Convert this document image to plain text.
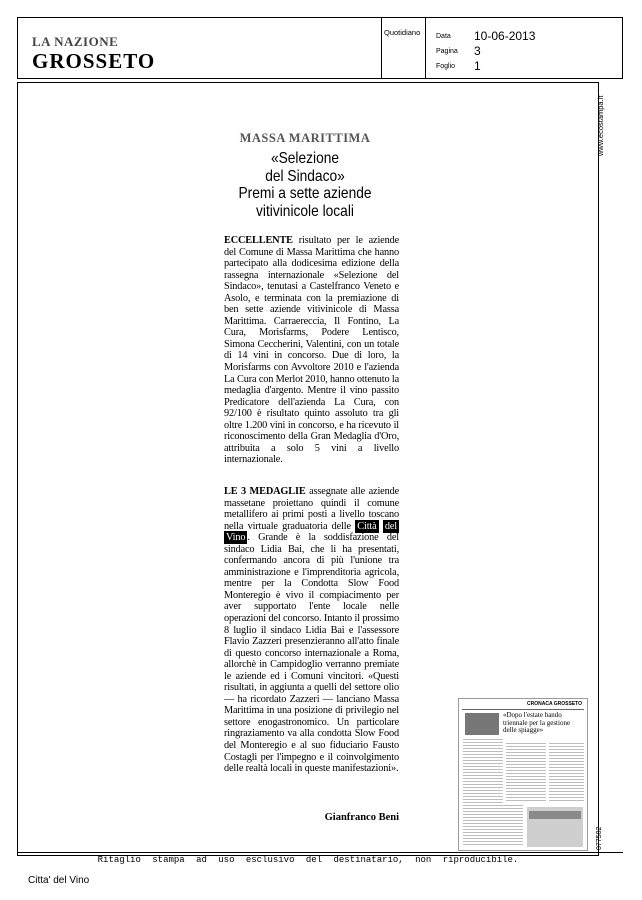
LA NAZIONE
GROSSETO
Quotidiano Data 10-06-2013
Pagina 3
Foglio 1
www.ecostampa.it
077502
MASSA MARITTIMA
«Selezione
del Sindaco»
Premi a sette aziende
vitivinicole locali

ECCELLENTE risultato per le aziende del Comune di Massa Marittima che hanno partecipato alla dodicesima edizione della rassegna internazionale «Selezione del Sindaco», tenutasi a Castelfranco Veneto e Asolo, e terminata con la premiazione di ben sette aziende vitivinicole di Massa Marittima. Carraereccia, Il Fontino, La Cura, Morisfarms, Podere Lentisco, Simona Ceccherini, Valentini, con un totale di 14 vini in concorso. Due di loro, la Morisfarms con Avvoltore 2010 e l'azienda La Cura con Merlot 2010, hanno ottenuto la medaglia d'argento. Mentre il vino passito Predicatore dell'azienda La Cura, con 92/100 è risultato quinto assoluto tra gli oltre 1.200 vini in concorso, e ha ricevuto il riconoscimento della Gran Medaglia d'Oro, attribuita a solo 5 vini a livello internazionale.

LE 3 MEDAGLIE assegnate alle aziende massetane proiettano quindi il comune metallifero ai primi posti a livello toscano nella virtuale graduatoria delle Città del Vino . Grande è la soddisfazione del sindaco Lidia Bai, che li ha presentati, confermando ancora di più l'unione tra amministrazione e l'imprenditoria agricola, mentre per la Condotta Slow Food Monteregio è vivo il compiacimento per aver supportato l'ente locale nelle operazioni del concorso. Intanto il prossimo 8 luglio il sindaco Lidia Bai e l'assessore Flavio Zazzeri presenzieranno all'atto finale di questo concorso internazionale a Roma, allorchè in Campidoglio verranno premiate le aziende ed i Comuni vincitori. «Questi risultati, in aggiunta a quelli del settore olio — ha ricordato Zazzeri — lanciano Massa Marittima in una posizione di privilegio nel settore enogastronomico. Un particolare ringraziamento va alla condotta Slow Food del Monteregio e al suo fiduciario Fausto Costagli per l'impegno e il coinvolgimento delle realtà locali in queste manifestazioni».

Gianfranco Beni
CRONACA GROSSETO
«Dopo l'estate bando triennale per la gestione delle spiagge»
Ritaglio stampa ad uso esclusivo del destinatario, non riproducibile.
Citta' del Vino
